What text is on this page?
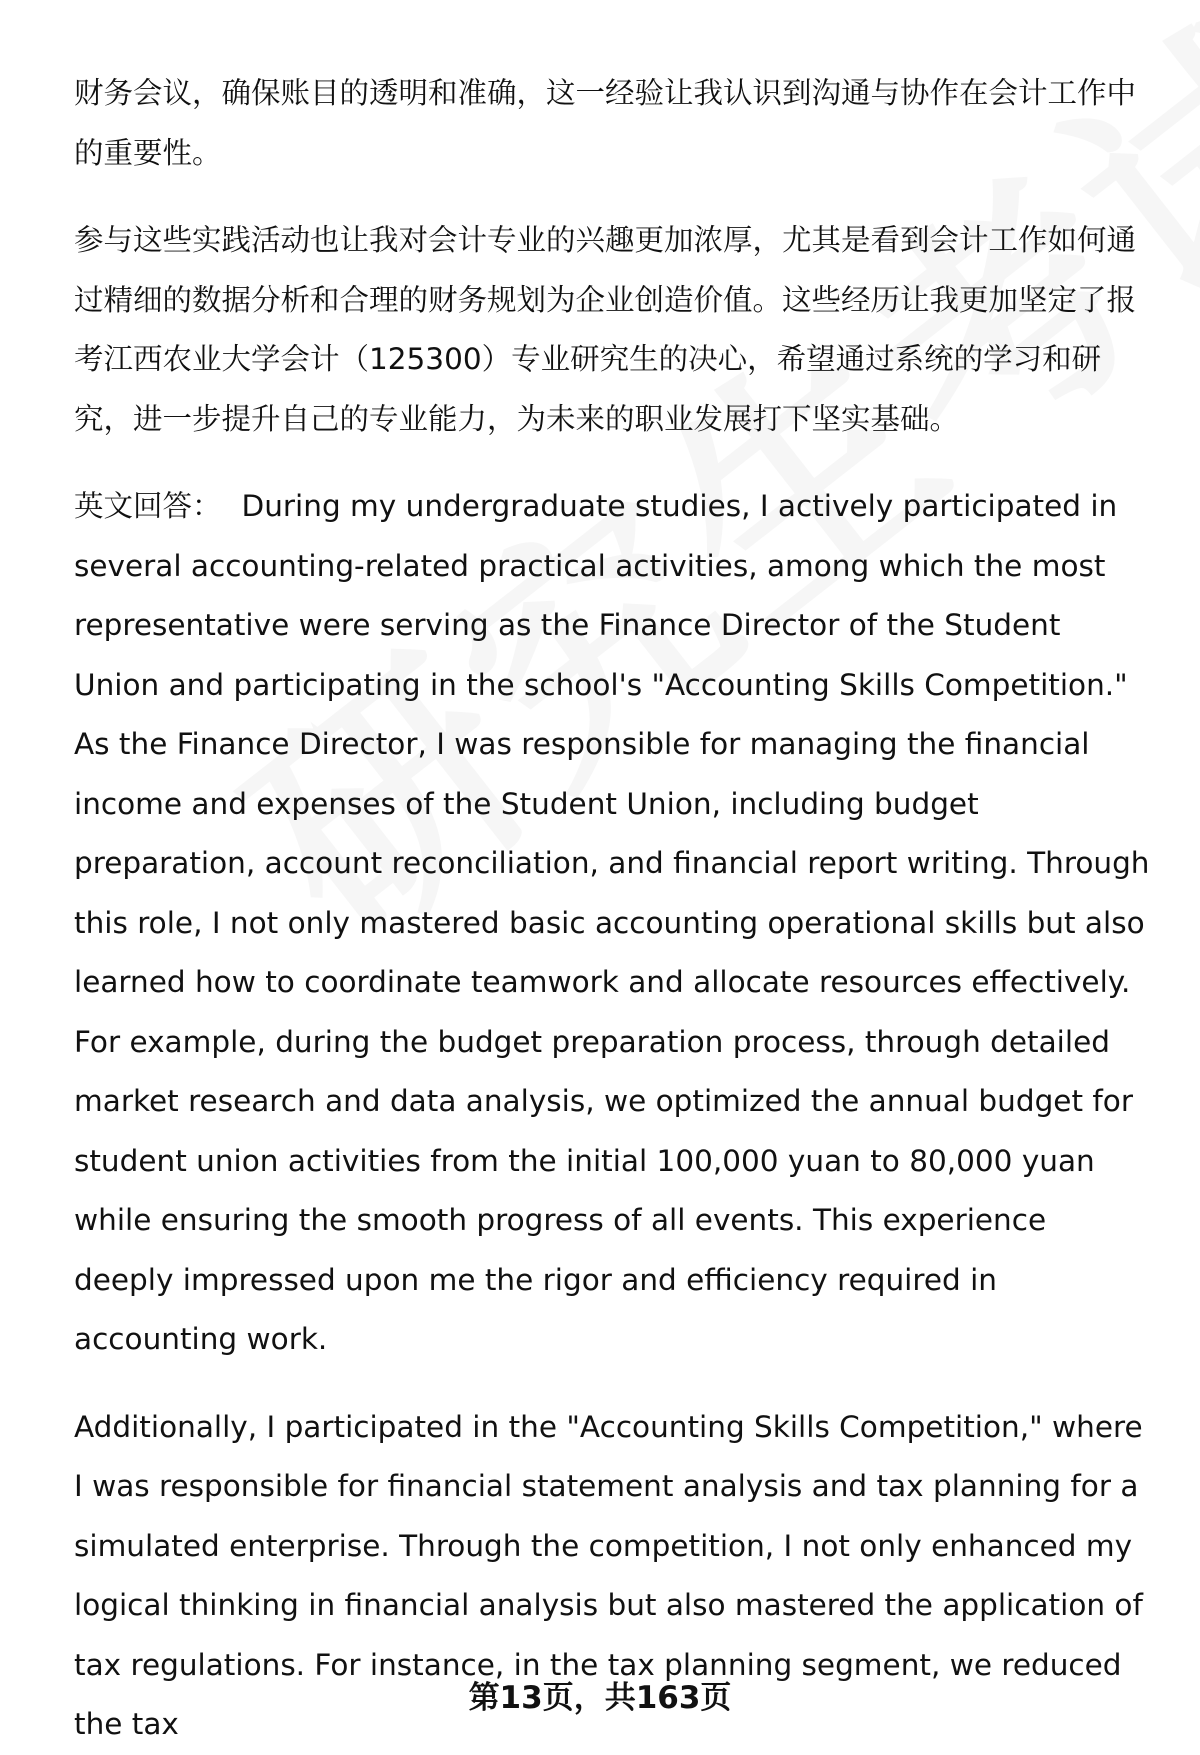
财务会议，确保账目的透明和准确，这一经验让我认识到沟通与协作在会计工作中的重要性。

参与这些实践活动也让我对会计专业的兴趣更加浓厚，尤其是看到会计工作如何通过精细的数据分析和合理的财务规划为企业创造价值。这些经历让我更加坚定了报考江西农业大学会计（125300）专业研究生的决心，希望通过系统的学习和研究，进一步提升自己的专业能力，为未来的职业发展打下坚实基础。

英文回答： During my undergraduate studies, I actively participated in several accounting-related practical activities, among which the most representative were serving as the Finance Director of the Student Union and participating in the school's "Accounting Skills Competition." As the Finance Director, I was responsible for managing the financial income and expenses of the Student Union, including budget preparation, account reconciliation, and financial report writing. Through this role, I not only mastered basic accounting operational skills but also learned how to coordinate teamwork and allocate resources effectively. For example, during the budget preparation process, through detailed market research and data analysis, we optimized the annual budget for student union activities from the initial 100,000 yuan to 80,000 yuan while ensuring the smooth progress of all events. This experience deeply impressed upon me the rigor and efficiency required in accounting work.

Additionally, I participated in the "Accounting Skills Competition," where I was responsible for financial statement analysis and tax planning for a simulated enterprise. Through the competition, I not only enhanced my logical thinking in financial analysis but also mastered the application of tax regulations. For instance, in the tax planning segment, we reduced the tax

第13页，共163页
